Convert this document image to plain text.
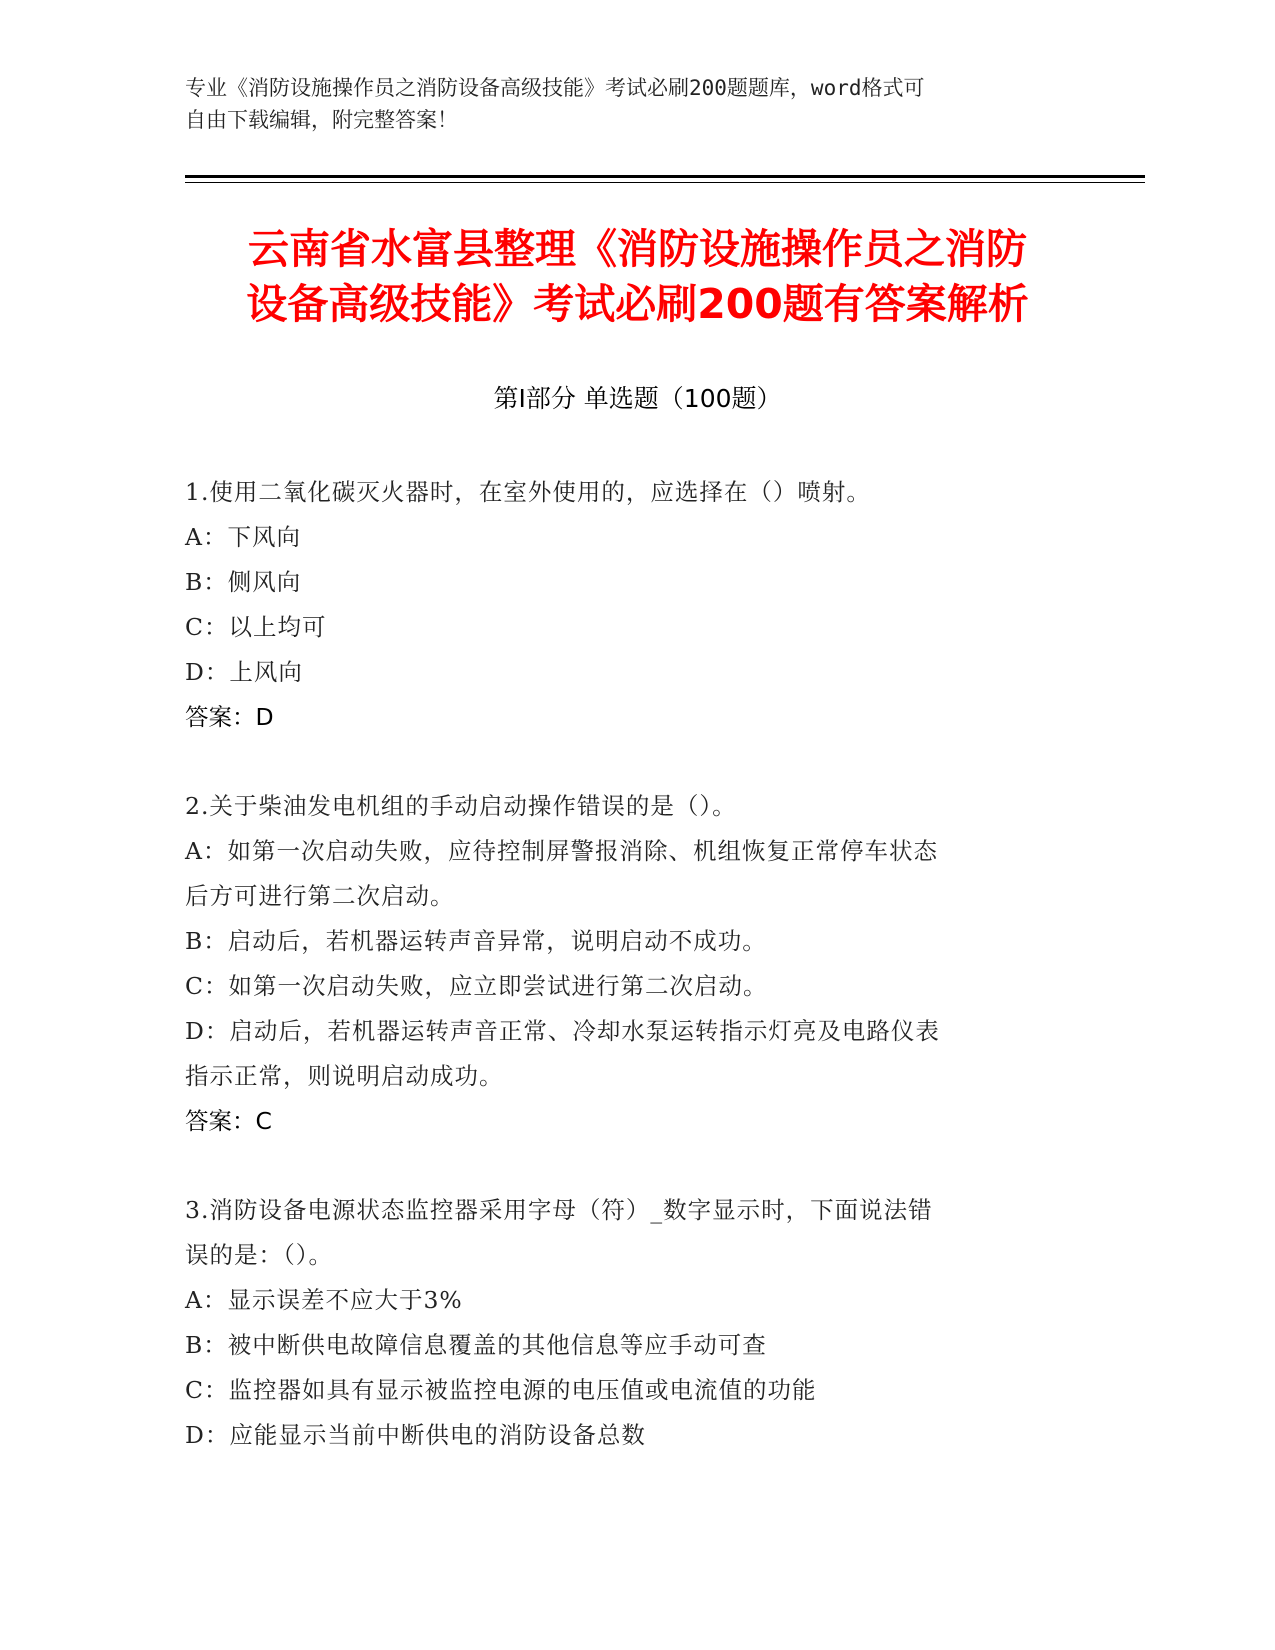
专业《消防设施操作员之消防设备高级技能》考试必刷200题题库，word格式可
自由下载编辑，附完整答案！
云南省水富县整理《消防设施操作员之消防
设备高级技能》考试必刷200题有答案解析
第Ⅰ部分 单选题（100题）
1.使用二氧化碳灭火器时，在室外使用的，应选择在（）喷射。
A：下风向
B：侧风向
C：以上均可
D：上风向
答案：D
2.关于柴油发电机组的手动启动操作错误的是（）。
A：如第一次启动失败，应待控制屏警报消除、机组恢复正常停车状态
后方可进行第二次启动。
B：启动后，若机器运转声音异常，说明启动不成功。
C：如第一次启动失败，应立即尝试进行第二次启动。
D：启动后，若机器运转声音正常、冷却水泵运转指示灯亮及电路仪表
指示正常，则说明启动成功。
答案：C
3.消防设备电源状态监控器采用字母（符）_数字显示时，下面说法错
误的是：（）。
A：显示误差不应大于3%
B：被中断供电故障信息覆盖的其他信息等应手动可查
C：监控器如具有显示被监控电源的电压值或电流值的功能
D：应能显示当前中断供电的消防设备总数
